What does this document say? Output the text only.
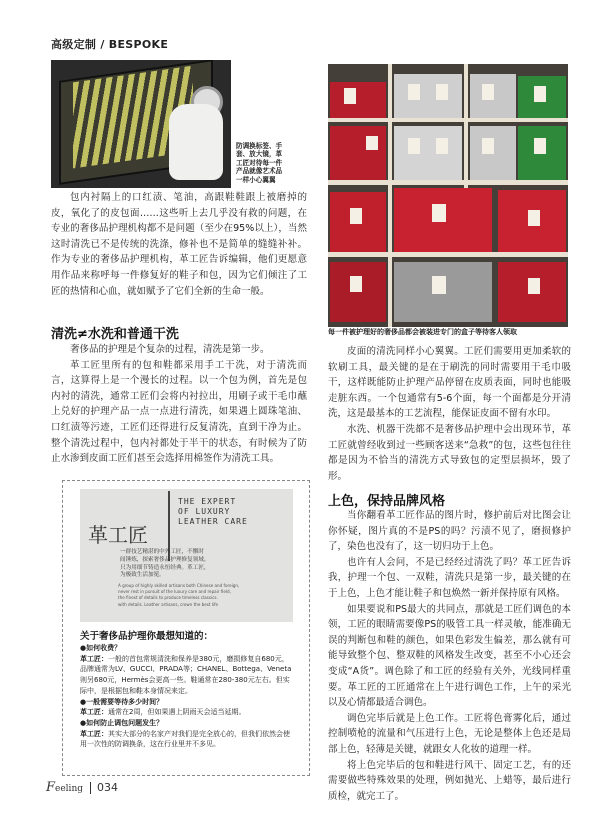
高级定制 / BESPOKE
防调换标签、手
套、放大镜，革
工匠对待每一件
产品就像艺术品
一样小心翼翼
包内衬隔上的口红渍、笔油，高跟鞋鞋跟上被磨掉的皮，氧化了的皮包面……这些听上去几乎没有救的问题，在专业的奢侈品护理机构都不是问题（至少在95%以上），当然这时清洗已不是传统的洗涤，修补也不是简单的缝缝补补。作为专业的奢侈品护理机构，革工匠告诉编辑，他们更愿意用作品来称呼每一件修复好的鞋子和包，因为它们倾注了工匠的热情和心血，就如赋予了它们全新的生命一般。
清洗≠水洗和普通干洗
奢侈品的护理是个复杂的过程，清洗是第一步。
革工匠里所有的包和鞋都采用手工干洗，对于清洗而言，这算得上是一个漫长的过程。以一个包为例，首先是包内衬的清洗，通常工匠们会将内衬拉出，用刷子或干毛巾蘸上兑好的护理产品一点一点进行清洗，如果遇上圆珠笔油、口红渍等污迹，工匠们还得进行反复清洗，直到干净为止。整个清洗过程中，包内衬都处于半干的状态，有时候为了防止水渗到皮面工匠们甚至会选择用棉签作为清洗工具。
每一件被护理好的奢侈品都会被装进专门的盒子等待客人领取
皮面的清洗同样小心翼翼。工匠们需要用更加柔软的软刷工具，最关键的是在于刷洗的同时需要用干毛巾吸干，这样既能防止护理产品停留在皮质表面，同时也能吸走脏东西。一个包通常有5-6个面，每一个面都是分开清洗，这是最基本的工艺流程，能保证皮面不留有水印。
水洗、机器干洗都不是奢侈品护理中会出现环节，革工匠就曾经收到过一些顾客送来“急救”的包，这些包往往都是因为不恰当的清洗方式导致包的定型层损坏，毁了形。
上色，保持品牌风格
当你翻看革工匠作品的图片时，修护前后对比图会让你怀疑，图片真的不是PS的吗？污渍不见了，磨损修护了，染色也没有了，这一切归功于上色。
也许有人会问，不是已经经过清洗了吗？革工匠告诉我，护理一个包、一双鞋，清洗只是第一步，最关键的在于上色，上色才能让鞋子和包焕然一新并保持原有风格。
如果要说和PS最大的共同点，那就是工匠们调色的本领，工匠的眼睛需要像PS的吸管工具一样灵敏，能准确无误的判断包和鞋的颜色，如果色彩发生偏差，那么就有可能导致整个包、整双鞋的风格发生改变，甚至不小心还会变成“A货”。调色除了和工匠的经验有关外，光线同样重要。革工匠的工匠通常在上午进行调色工作，上午的采光以及心情都最适合调色。
调色完毕后就是上色工作。工匠将色膏雾化后，通过控制喷枪的流量和气压进行上色，无论是整体上色还是局部上色，轻薄是关键，就跟女人化妆的道理一样。
将上色完毕后的包和鞋进行风干、固定工艺，有的还需要做些特殊效果的处理，例如抛光、上蜡等，最后进行质检，就完工了。
THE EXPERT
OF LUXURY
LEATHER CARE
革工匠
一群技艺精湛的中外工匠，不懈时
间锤炼，探索奢侈品护理修复领域。
只为用细节铸造永恒经典。革工匠，
为极致生活加冕。
A group of highly skilled artisans both Chinese and foreign,
never rest in pursuit of the luxury care and repair field,
the finest of details to produce timeless classics.
with details. Leather artisans, crown the best life
关于奢侈品护理你最想知道的：
●如何收费？
革工匠：一般的首包常规清洗和保养是380元，磨损修复自680元，品牌通常为LV、GUCCI、PRADA等；CHANEL、Bottega、Veneta则另680元，Hermès会更高一些。鞋通常在280-380元左右。但实际中，是根据包和鞋本身情况来定。
●一般需要等待多少时间？
革工匠：通常在2周，但如果遇上阴雨天会适当延期。
●如何防止调包问题发生？
革工匠：其实大部分的名家产对我们是完全放心的，但我们依然会使用一次性的防调换条，这在行业里并不多见。
Feeling 034
